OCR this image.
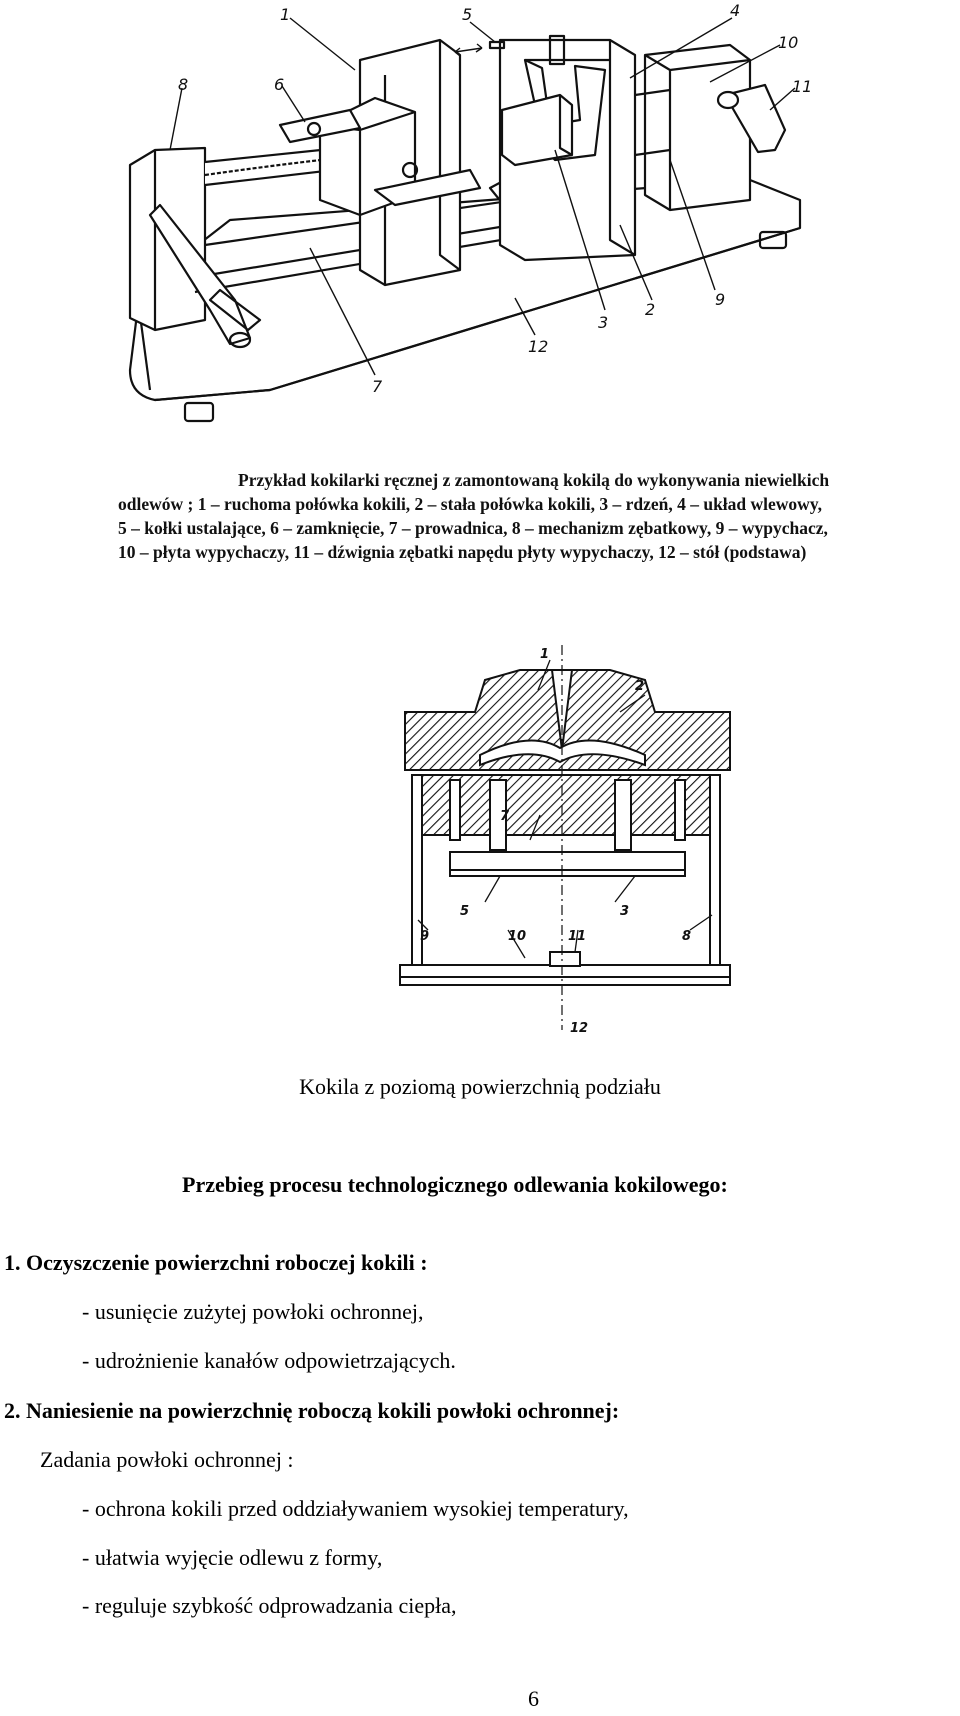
1	5	4
10
11
8	6
7
12
3
2
9
Przykład kokilarki ręcznej z zamontowaną kokilą do wykonywania niewielkich
odlewów ; 1 – ruchoma połówka kokili, 2 – stała połówka kokili, 3 – rdzeń, 4 – układ wlewowy,
5 – kołki ustalające, 6 – zamknięcie, 7 – prowadnica, 8 – mechanizm zębatkowy, 9 – wypychacz,
10 – płyta wypychaczy, 11 – dźwignia zębatki napędu płyty wypychaczy, 12 – stół (podstawa)
1
2
7
5	3
9	10	11	8
12
Kokila z poziomą powierzchnią podziału
Przebieg procesu technologicznego odlewania kokilowego:
1. Oczyszczenie powierzchni roboczej kokili :
- usunięcie zużytej powłoki ochronnej,
- udrożnienie kanałów odpowietrzających.
2. Naniesienie na powierzchnię roboczą kokili powłoki ochronnej:
Zadania powłoki ochronnej :
- ochrona kokili przed oddziaływaniem wysokiej temperatury,
- ułatwia wyjęcie odlewu z formy,
- reguluje szybkość odprowadzania ciepła,
6
